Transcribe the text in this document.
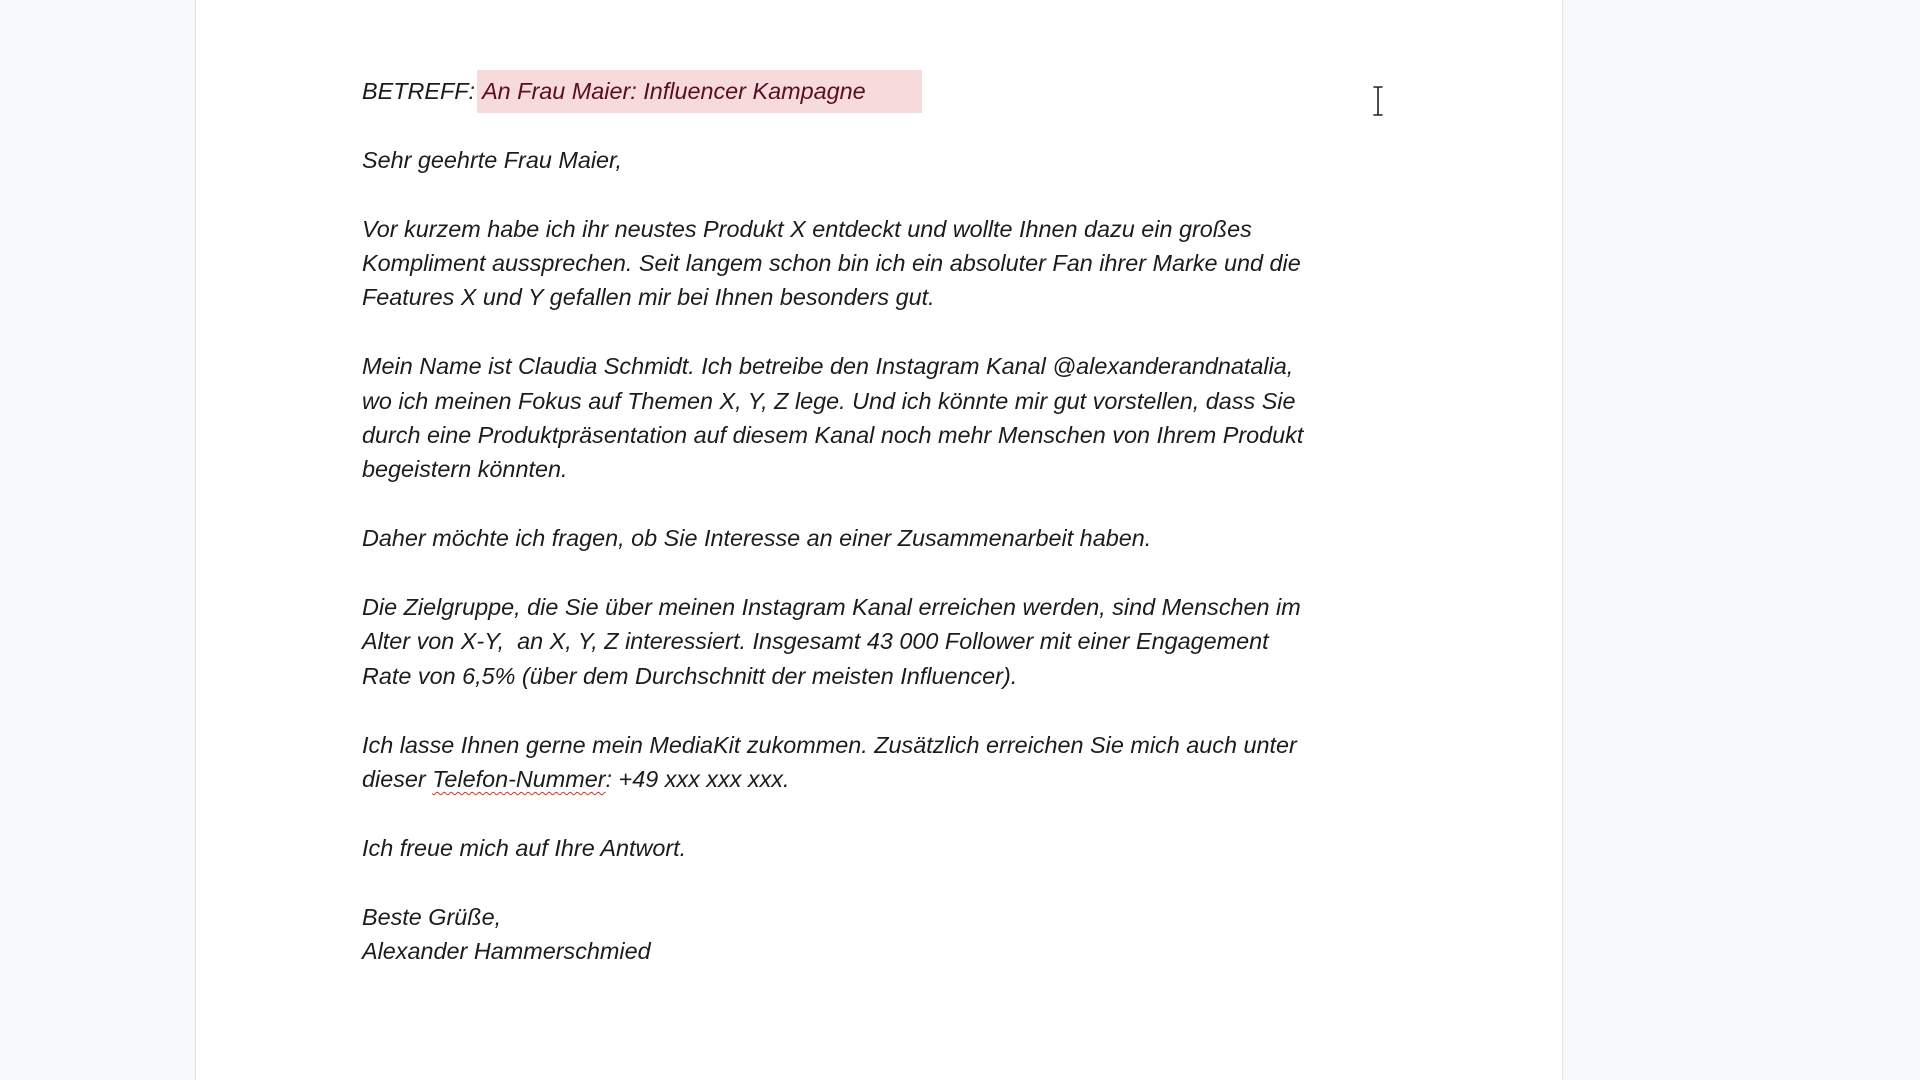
BETREFF: An Frau Maier: Influencer Kampagne

Sehr geehrte Frau Maier,

Vor kurzem habe ich ihr neustes Produkt X entdeckt und wollte Ihnen dazu ein großes
Kompliment aussprechen. Seit langem schon bin ich ein absoluter Fan ihrer Marke und die
Features X und Y gefallen mir bei Ihnen besonders gut.

Mein Name ist Claudia Schmidt. Ich betreibe den Instagram Kanal @alexanderandnatalia,
wo ich meinen Fokus auf Themen X, Y, Z lege. Und ich könnte mir gut vorstellen, dass Sie
durch eine Produktpräsentation auf diesem Kanal noch mehr Menschen von Ihrem Produkt
begeistern könnten.

Daher möchte ich fragen, ob Sie Interesse an einer Zusammenarbeit haben.

Die Zielgruppe, die Sie über meinen Instagram Kanal erreichen werden, sind Menschen im
Alter von X-Y,  an X, Y, Z interessiert. Insgesamt 43 000 Follower mit einer Engagement
Rate von 6,5% (über dem Durchschnitt der meisten Influencer).

Ich lasse Ihnen gerne mein MediaKit zukommen. Zusätzlich erreichen Sie mich auch unter
dieser Telefon-Nummer: +49 xxx xxx xxx.

Ich freue mich auf Ihre Antwort.

Beste Grüße,
Alexander Hammerschmied
